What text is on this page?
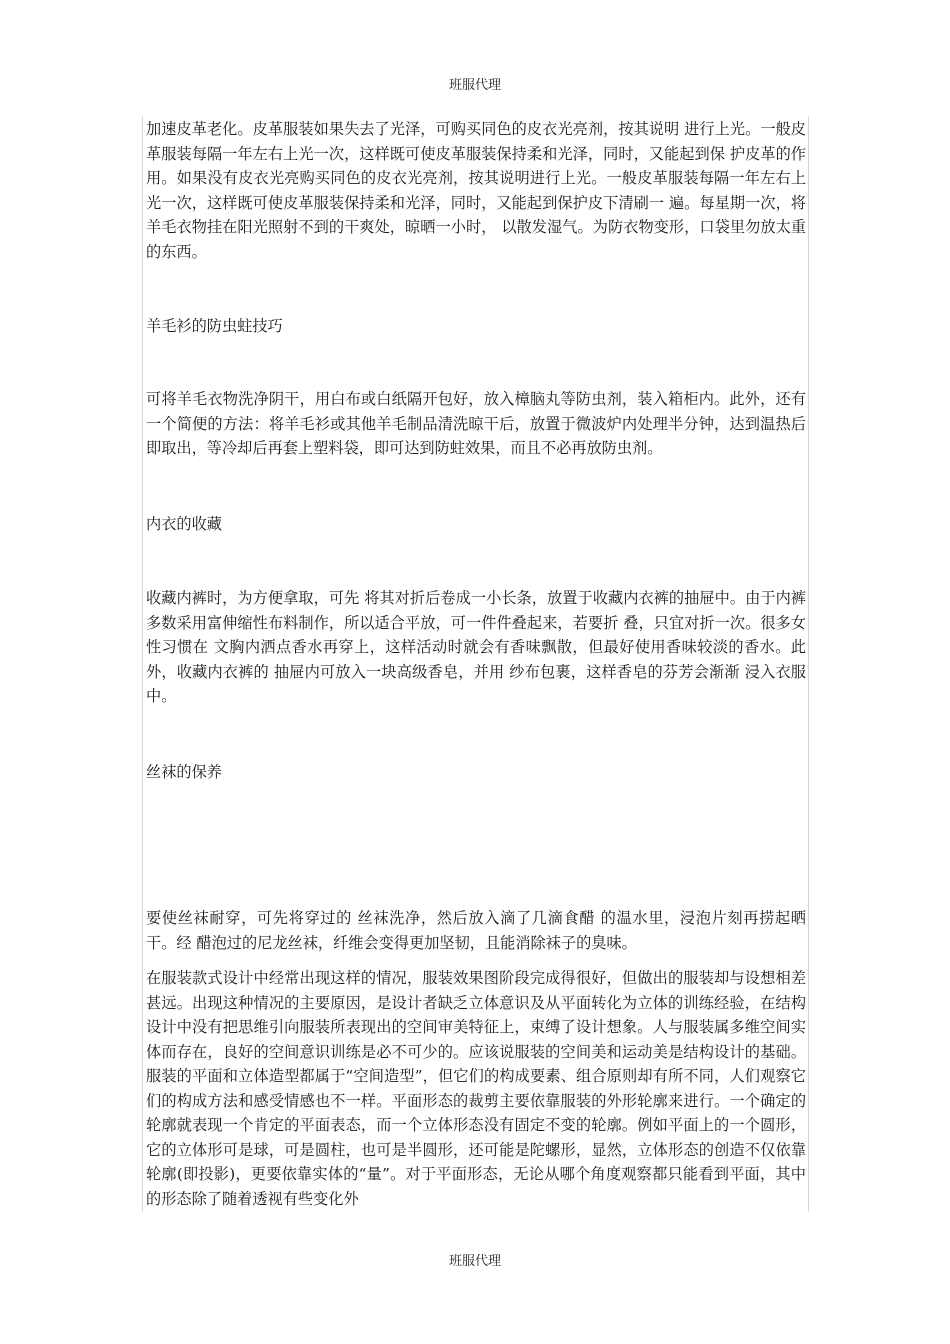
班服代理

加速皮革老化。皮革服装如果失去了光泽，可购买同色的皮衣光亮剂，按其说明 进行上光。一般皮革服装每隔一年左右上光一次，这样既可使皮革服装保持柔和光泽，同时，又能起到保 护皮革的作用。如果没有皮衣光亮购买同色的皮衣光亮剂，按其说明进行上光。一般皮革服装每隔一年左右上光一次，这样既可使皮革服装保持柔和光泽，同时，又能起到保护皮下清刷一 遍。每星期一次，将羊毛衣物挂在阳光照射不到的干爽处，晾晒一小时， 以散发湿气。为防衣物变形，口袋里勿放太重的东西。

羊毛衫的防虫蛀技巧

可将羊毛衣物洗净阴干，用白布或白纸隔开包好，放入樟脑丸等防虫剂，装入箱柜内。此外，还有一个简便的方法：将羊毛衫或其他羊毛制品清洗晾干后，放置于微波炉内处理半分钟，达到温热后即取出，等冷却后再套上塑料袋，即可达到防蛀效果，而且不必再放防虫剂。

内衣的收藏

收藏内裤时，为方便拿取，可先 将其对折后卷成一小长条，放置于收藏内衣裤的抽屉中。由于内裤多数采用富伸缩性布料制作，所以适合平放，可一件件叠起来，若要折 叠，只宜对折一次。很多女性习惯在 文胸内洒点香水再穿上，这样活动时就会有香味飘散，但最好使用香味较淡的香水。此外，收藏内衣裤的 抽屉内可放入一块高级香皂，并用 纱布包裹，这样香皂的芬芳会渐渐 浸入衣服中。

丝袜的保养

要使丝袜耐穿，可先将穿过的 丝袜洗净，然后放入滴了几滴食醋 的温水里，浸泡片刻再捞起晒干。经 醋泡过的尼龙丝袜，纤维会变得更加坚韧，且能消除袜子的臭味。

在服装款式设计中经常出现这样的情况，服装效果图阶段完成得很好，但做出的服装却与设想相差甚远。出现这种情况的主要原因，是设计者缺乏立体意识及从平面转化为立体的训练经验，在结构设计中没有把思维引向服装所表现出的空间审美特征上，束缚了设计想象。人与服装属多维空间实体而存在，良好的空间意识训练是必不可少的。应该说服装的空间美和运动美是结构设计的基础。服装的平面和立体造型都属于“空间造型”，但它们的构成要素、组合原则却有所不同，人们观察它们的构成方法和感受情感也不一样。平面形态的裁剪主要依靠服装的外形轮廓来进行。一个确定的轮廓就表现一个肯定的平面表态，而一个立体形态没有固定不变的轮廓。例如平面上的一个圆形，它的立体形可是球，可是圆柱，也可是半圆形，还可能是陀螺形，显然，立体形态的创造不仅依靠轮廓(即投影)，更要依靠实体的“量”。对于平面形态，无论从哪个角度观察都只能看到平面，其中的形态除了随着透视有些变化外

班服代理
